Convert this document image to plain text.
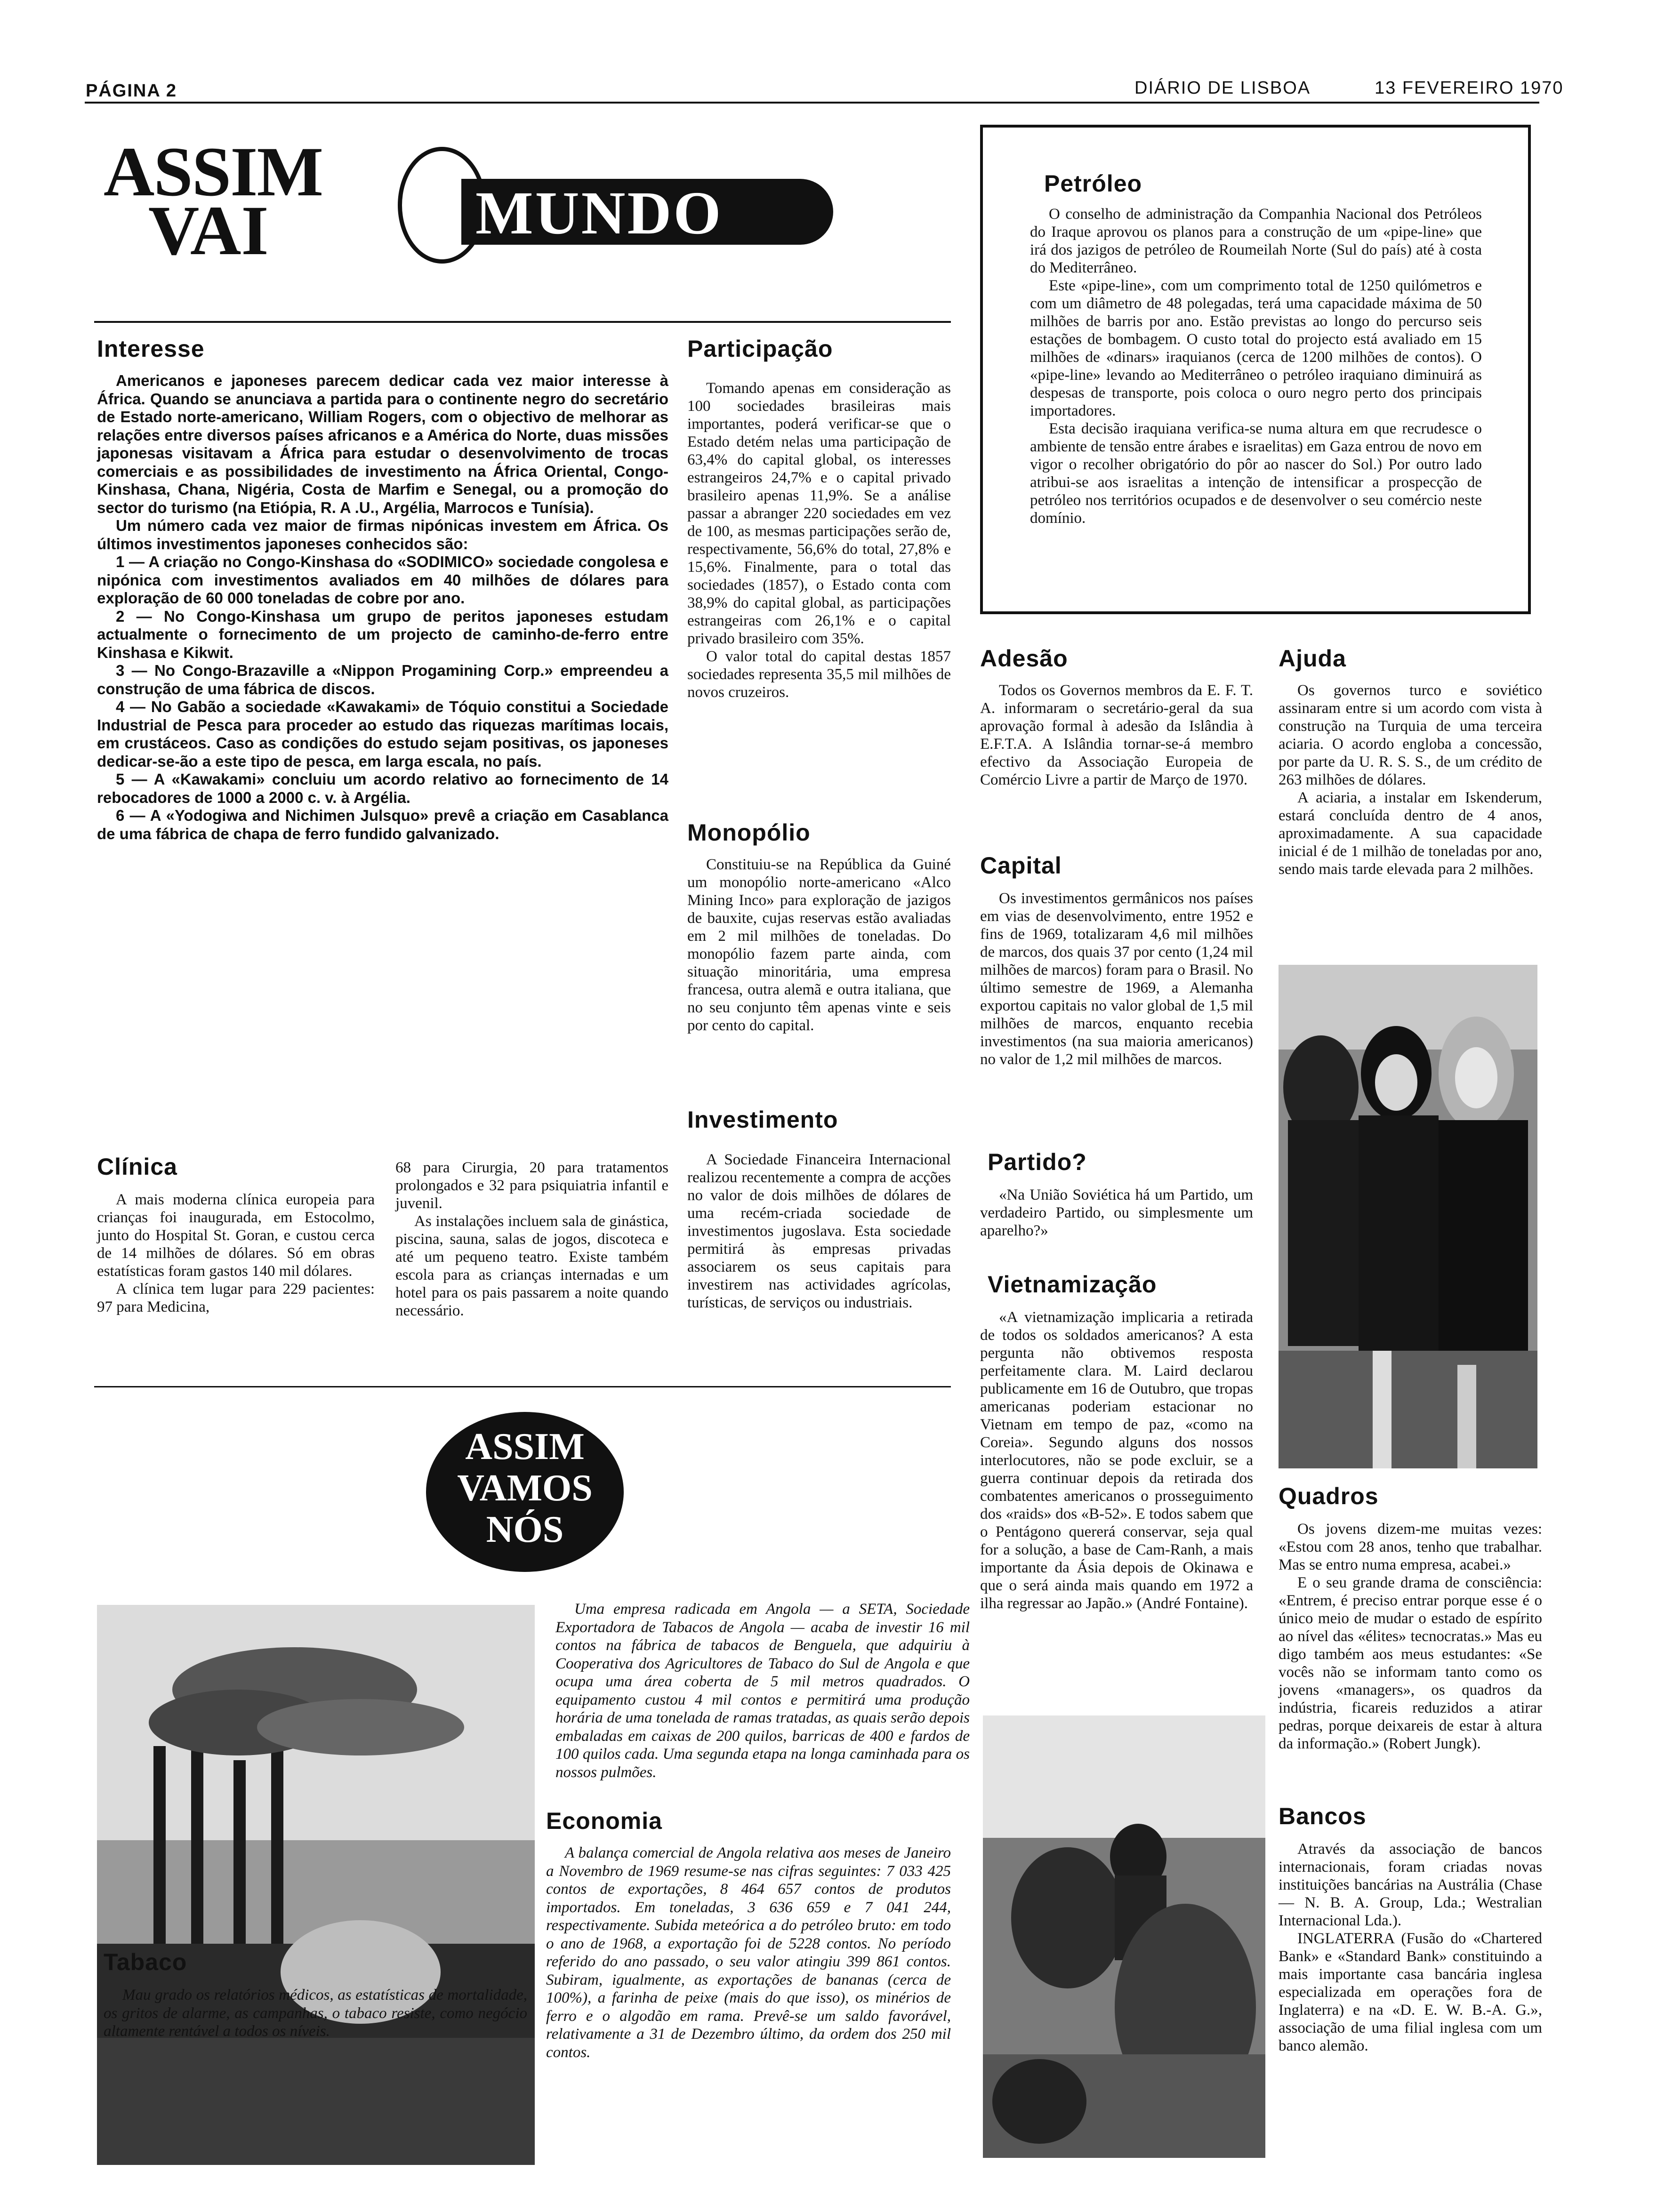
PÁGINA 2	DIÁRIO DE LISBOA	13 FEVEREIRO 1970
ASSIM
VAI	MUNDO
Interesse

Americanos e japoneses parecem dedicar cada vez maior interesse à África. Quando se anunciava a partida para o continente negro do secretário de Estado norte-americano, William Rogers, com o objectivo de melhorar as relações entre diversos países africanos e a América do Norte, duas missões japonesas visitavam a África para estudar o desenvolvimento de trocas comerciais e as possibilidades de investimento na África Oriental, Congo-Kinshasa, Chana, Nigéria, Costa de Marfim e Senegal, ou a promoção do sector do turismo (na Etiópia, R. A .U., Argélia, Marrocos e Tunísia).

Um número cada vez maior de firmas nipónicas investem em África. Os últimos investimentos japoneses conhecidos são:

1 — A criação no Congo-Kinshasa do «SODIMICO» sociedade congolesa e nipónica com investimentos avaliados em 40 milhões de dólares para exploração de 60 000 toneladas de cobre por ano.

2 — No Congo-Kinshasa um grupo de peritos japoneses estudam actualmente o fornecimento de um projecto de caminho-de-ferro entre Kinshasa e Kikwit.

3 — No Congo-Brazaville a «Nippon Progamining Corp.» empreendeu a construção de uma fábrica de discos.

4 — No Gabão a sociedade «Kawakami» de Tóquio constitui a Sociedade Industrial de Pesca para proceder ao estudo das riquezas marítimas locais, em crustáceos. Caso as condições do estudo sejam positivas, os japoneses dedicar-se-ão a este tipo de pesca, em larga escala, no país.

5 — A «Kawakami» concluiu um acordo relativo ao fornecimento de 14 rebocadores de 1000 a 2000 c. v. à Argélia.

6 — A «Yodogiwa and Nichimen Julsquo» prevê a criação em Casablanca de uma fábrica de chapa de ferro fundido galvanizado.

Clínica

A mais moderna clínica europeia para crianças foi inaugurada, em Estocolmo, junto do Hospital St. Goran, e custou cerca de 14 milhões de dólares. Só em obras estatísticas foram gastos 140 mil dólares.

A clínica tem lugar para 229 pacientes: 97 para Medicina,

68 para Cirurgia, 20 para tratamentos prolongados e 32 para psiquiatria infantil e juvenil.

As instalações incluem sala de ginástica, piscina, sauna, salas de jogos, discoteca e até um pequeno teatro. Existe também escola para as crianças internadas e um hotel para os pais passarem a noite quando necessário.

Participação

Tomando apenas em consideração as 100 sociedades brasileiras mais importantes, poderá verificar-se que o Estado detém nelas uma participação de 63,4% do capital global, os interesses estrangeiros 24,7% e o capital privado brasileiro apenas 11,9%. Se a análise passar a abranger 220 sociedades em vez de 100, as mesmas participações serão de, respectivamente, 56,6% do total, 27,8% e 15,6%. Finalmente, para o total das sociedades (1857), o Estado conta com 38,9% do capital global, as participações estrangeiras com 26,1% e o capital privado brasileiro com 35%.

O valor total do capital destas 1857 sociedades representa 35,5 mil milhões de novos cruzeiros.

Monopólio

Constituiu-se na República da Guiné um monopólio norte-americano «Alco Mining Inco» para exploração de jazigos de bauxite, cujas reservas estão avaliadas em 2 mil milhões de toneladas. Do monopólio fazem parte ainda, com situação minoritária, uma empresa francesa, outra alemã e outra italiana, que no seu conjunto têm apenas vinte e seis por cento do capital.

Investimento

A Sociedade Financeira Internacional realizou recentemente a compra de acções no valor de dois milhões de dólares de uma recém-criada sociedade de investimentos jugoslava. Esta sociedade permitirá às empresas privadas associarem os seus capitais para investirem nas actividades agrícolas, turísticas, de serviços ou industriais.

Petróleo

O conselho de administração da Companhia Nacional dos Petróleos do Iraque aprovou os planos para a construção de um «pipe-line» que irá dos jazigos de petróleo de Roumeilah Norte (Sul do país) até à costa do Mediterrâneo.

Este «pipe-line», com um comprimento total de 1250 quilómetros e com um diâmetro de 48 polegadas, terá uma capacidade máxima de 50 milhões de barris por ano. Estão previstas ao longo do percurso seis estações de bombagem. O custo total do projecto está avaliado em 15 milhões de «dinars» iraquianos (cerca de 1200 milhões de contos). O «pipe-line» levando ao Mediterrâneo o petróleo iraquiano diminuirá as despesas de transporte, pois coloca o ouro negro perto dos principais importadores.

Esta decisão iraquiana verifica-se numa altura em que recrudesce o ambiente de tensão entre árabes e israelitas) em Gaza entrou de novo em vigor o recolher obrigatório do pôr ao nascer do Sol.) Por outro lado atribui-se aos israelitas a intenção de intensificar a prospecção de petróleo nos territórios ocupados e de desenvolver o seu comércio neste domínio.

Adesão

Todos os Governos membros da E. F. T. A. informaram o secretário-geral da sua aprovação formal à adesão da Islândia à E.F.T.A. A Islândia tornar-se-á membro efectivo da Associação Europeia de Comércio Livre a partir de Março de 1970.

Capital

Os investimentos germânicos nos países em vias de desenvolvimento, entre 1952 e fins de 1969, totalizaram 4,6 mil milhões de marcos, dos quais 37 por cento (1,24 mil milhões de marcos) foram para o Brasil. No último semestre de 1969, a Alemanha exportou capitais no valor global de 1,5 mil milhões de marcos, enquanto recebia investimentos (na sua maioria americanos) no valor de 1,2 mil milhões de marcos.

Partido?

«Na União Soviética há um Partido, um verdadeiro Partido, ou simplesmente um aparelho?»

Vietnamização

«A vietnamização implicaria a retirada de todos os soldados americanos? A esta pergunta não obtivemos resposta perfeitamente clara. M. Laird declarou publicamente em 16 de Outubro, que tropas americanas poderiam estacionar no Vietnam em tempo de paz, «como na Coreia». Segundo alguns dos nossos interlocutores, não se pode excluir, se a guerra continuar depois da retirada dos combatentes americanos o prosseguimento dos «raids» dos «B-52». E todos sabem que o Pentágono quererá conservar, seja qual for a solução, a base de Cam-Ranh, a mais importante da Ásia depois de Okinawa e que o será ainda mais quando em 1972 a ilha regressar ao Japão.» (André Fontaine).

Ajuda

Os governos turco e soviético assinaram entre si um acordo com vista à construção na Turquia de uma terceira aciaria. O acordo engloba a concessão, por parte da U. R. S. S., de um crédito de 263 milhões de dólares.

A aciaria, a instalar em Iskenderum, estará concluída dentro de 4 anos, aproximadamente. A sua capacidade inicial é de 1 milhão de toneladas por ano, sendo mais tarde elevada para 2 milhões.

Quadros

Os jovens dizem-me muitas vezes: «Estou com 28 anos, tenho que trabalhar. Mas se entro numa empresa, acabei.»

E o seu grande drama de consciência: «Entrem, é preciso entrar porque esse é o único meio de mudar o estado de espírito ao nível das «élites» tecnocratas.» Mas eu digo também aos meus estudantes: «Se vocês não se informam tanto como os jovens «managers», os quadros da indústria, ficareis reduzidos a atirar pedras, porque deixareis de estar à altura da informação.» (Robert Jungk).

Bancos

Através da associação de bancos internacionais, foram criadas novas instituições bancárias na Austrália (Chase — N. B. A. Group, Lda.; Westralian Internacional Lda.).

INGLATERRA (Fusão do «Chartered Bank» e «Standard Bank» constituindo a mais importante casa bancária inglesa especializada em operações fora de Inglaterra) e na «D. E. W. B.-A. G.», associação de uma filial inglesa com um banco alemão.

ASSIM
VAMOS
NÓS

Uma empresa radicada em Angola — a SETA, Sociedade Exportadora de Tabacos de Angola — acaba de investir 16 mil contos na fábrica de tabacos de Benguela, que adquiriu à Cooperativa dos Agricultores de Tabaco do Sul de Angola e que ocupa uma área coberta de 5 mil metros quadrados. O equipamento custou 4 mil contos e permitirá uma produção horária de uma tonelada de ramas tratadas, as quais serão depois embaladas em caixas de 200 quilos, barricas de 400 e fardos de 100 quilos cada. Uma segunda etapa na longa caminhada para os nossos pulmões.

Economia

A balança comercial de Angola relativa aos meses de Janeiro a Novembro de 1969 resume-se nas cifras seguintes: 7 033 425 contos de exportações, 8 464 657 contos de produtos importados. Em toneladas, 3 636 659 e 7 041 244, respectivamente. Subida meteórica a do petróleo bruto: em todo o ano de 1968, a exportação foi de 5228 contos. No período referido do ano passado, o seu valor atingiu 399 861 contos. Subiram, igualmente, as exportações de bananas (cerca de 100%), a farinha de peixe (mais do que isso), os minérios de ferro e o algodão em rama. Prevê-se um saldo favorável, relativamente a 31 de Dezembro último, da ordem dos 250 mil contos.

Tabaco

Mau grado os relatórios médicos, as estatísticas de mortalidade, os gritos de alarme, as campanhas, o tabaco resiste, como negócio altamente rentável a todos os níveis.
